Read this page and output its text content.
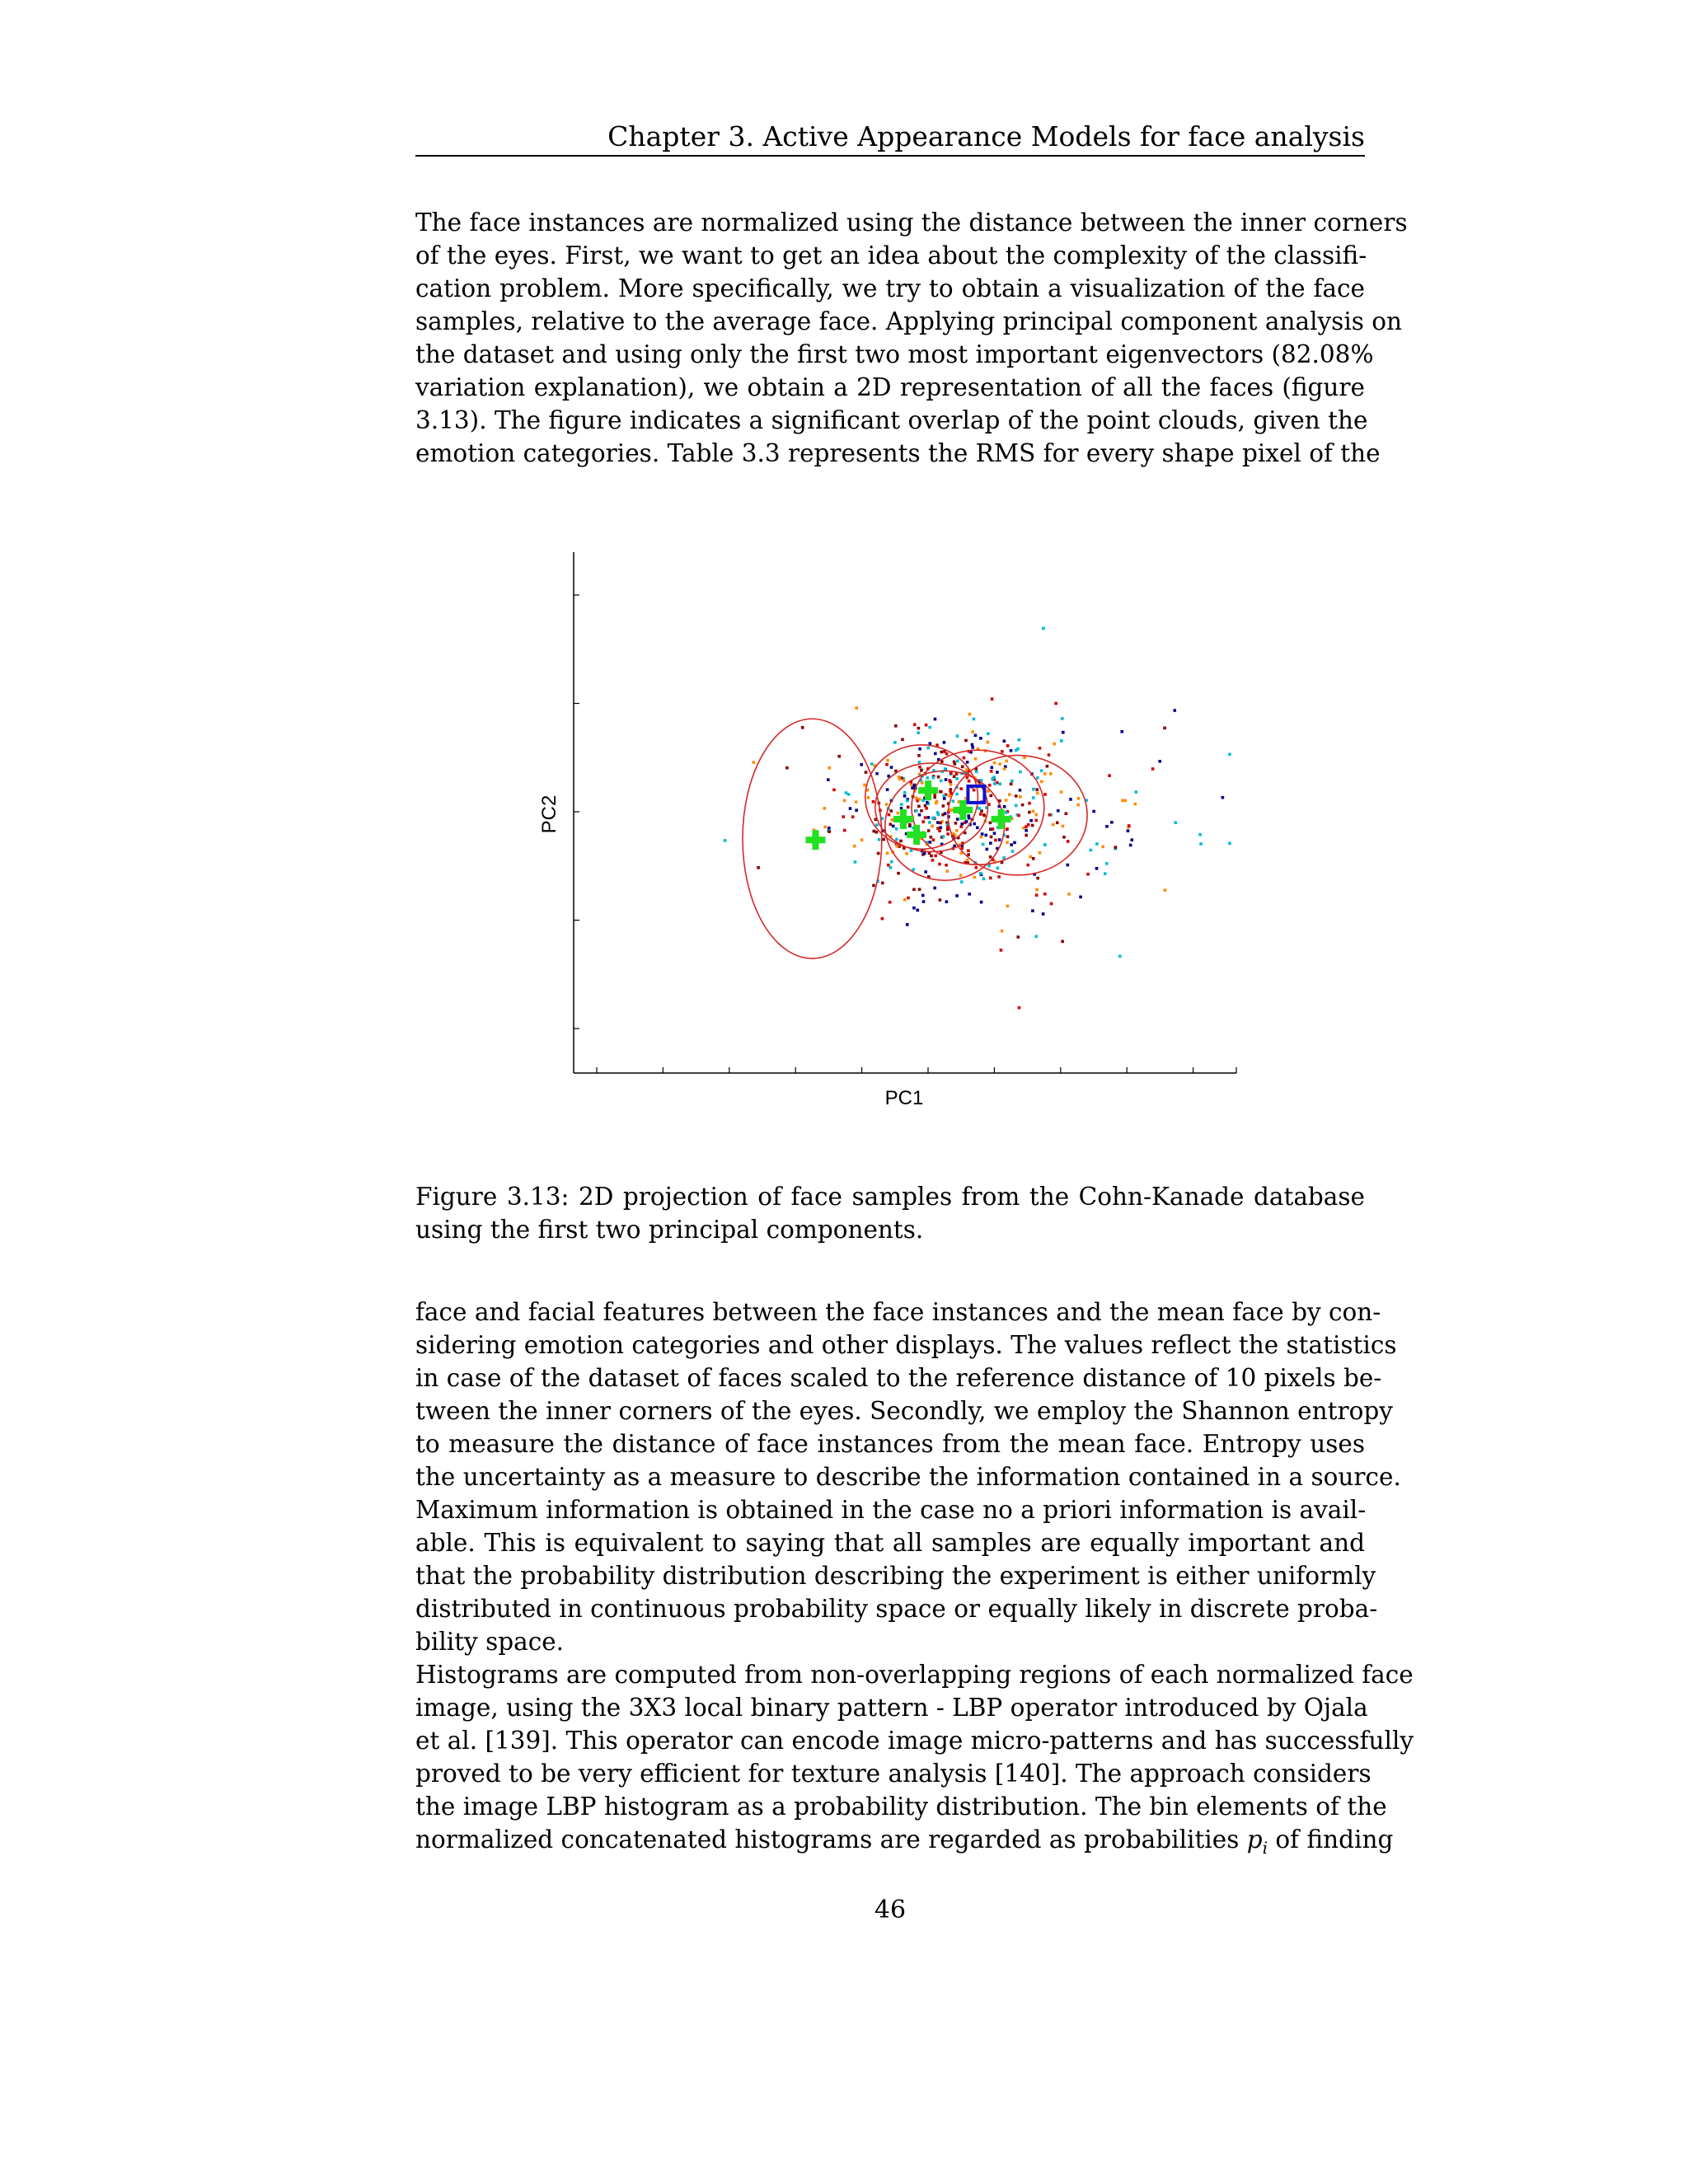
Chapter 3. Active Appearance Models for face analysis
The face instances are normalized using the distance between the inner corners
of the eyes. First, we want to get an idea about the complexity of the classifi-
cation problem. More specifically, we try to obtain a visualization of the face
samples, relative to the average face. Applying principal component analysis on
the dataset and using only the first two most important eigenvectors (82.08%
variation explanation), we obtain a 2D representation of all the faces (figure
3.13). The figure indicates a significant overlap of the point clouds, given the
emotion categories. Table 3.3 represents the RMS for every shape pixel of the
PC1
PC2
Figure 3.13: 2D projection of face samples from the Cohn-Kanade database
using the first two principal components.
face and facial features between the face instances and the mean face by con-
sidering emotion categories and other displays. The values reflect the statistics
in case of the dataset of faces scaled to the reference distance of 10 pixels be-
tween the inner corners of the eyes. Secondly, we employ the Shannon entropy
to measure the distance of face instances from the mean face. Entropy uses
the uncertainty as a measure to describe the information contained in a source.
Maximum information is obtained in the case no a priori information is avail-
able. This is equivalent to saying that all samples are equally important and
that the probability distribution describing the experiment is either uniformly
distributed in continuous probability space or equally likely in discrete proba-
bility space.
Histograms are computed from non-overlapping regions of each normalized face
image, using the 3X3 local binary pattern - LBP operator introduced by Ojala
et al. [139]. This operator can encode image micro-patterns and has successfully
proved to be very efficient for texture analysis [140]. The approach considers
the image LBP histogram as a probability distribution. The bin elements of the
normalized concatenated histograms are regarded as probabilities $p_i$ of finding
46
